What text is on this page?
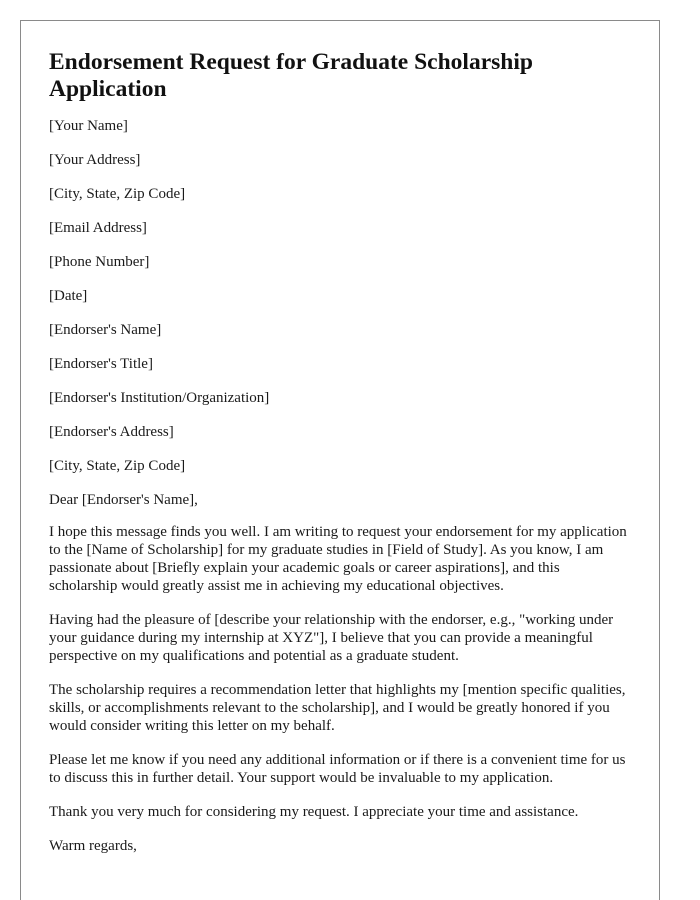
Endorsement Request for Graduate Scholarship Application
[Your Name]
[Your Address]
[City, State, Zip Code]
[Email Address]
[Phone Number]
[Date]
[Endorser's Name]
[Endorser's Title]
[Endorser's Institution/Organization]
[Endorser's Address]
[City, State, Zip Code]
Dear [Endorser's Name],

I hope this message finds you well. I am writing to request your endorsement for my application to the [Name of Scholarship] for my graduate studies in [Field of Study]. As you know, I am passionate about [Briefly explain your academic goals or career aspirations], and this scholarship would greatly assist me in achieving my educational objectives.

Having had the pleasure of [describe your relationship with the endorser, e.g., "working under your guidance during my internship at XYZ"], I believe that you can provide a meaningful perspective on my qualifications and potential as a graduate student.

The scholarship requires a recommendation letter that highlights my [mention specific qualities, skills, or accomplishments relevant to the scholarship], and I would be greatly honored if you would consider writing this letter on my behalf.

Please let me know if you need any additional information or if there is a convenient time for us to discuss this in further detail. Your support would be invaluable to my application.

Thank you very much for considering my request. I appreciate your time and assistance.

Warm regards,
